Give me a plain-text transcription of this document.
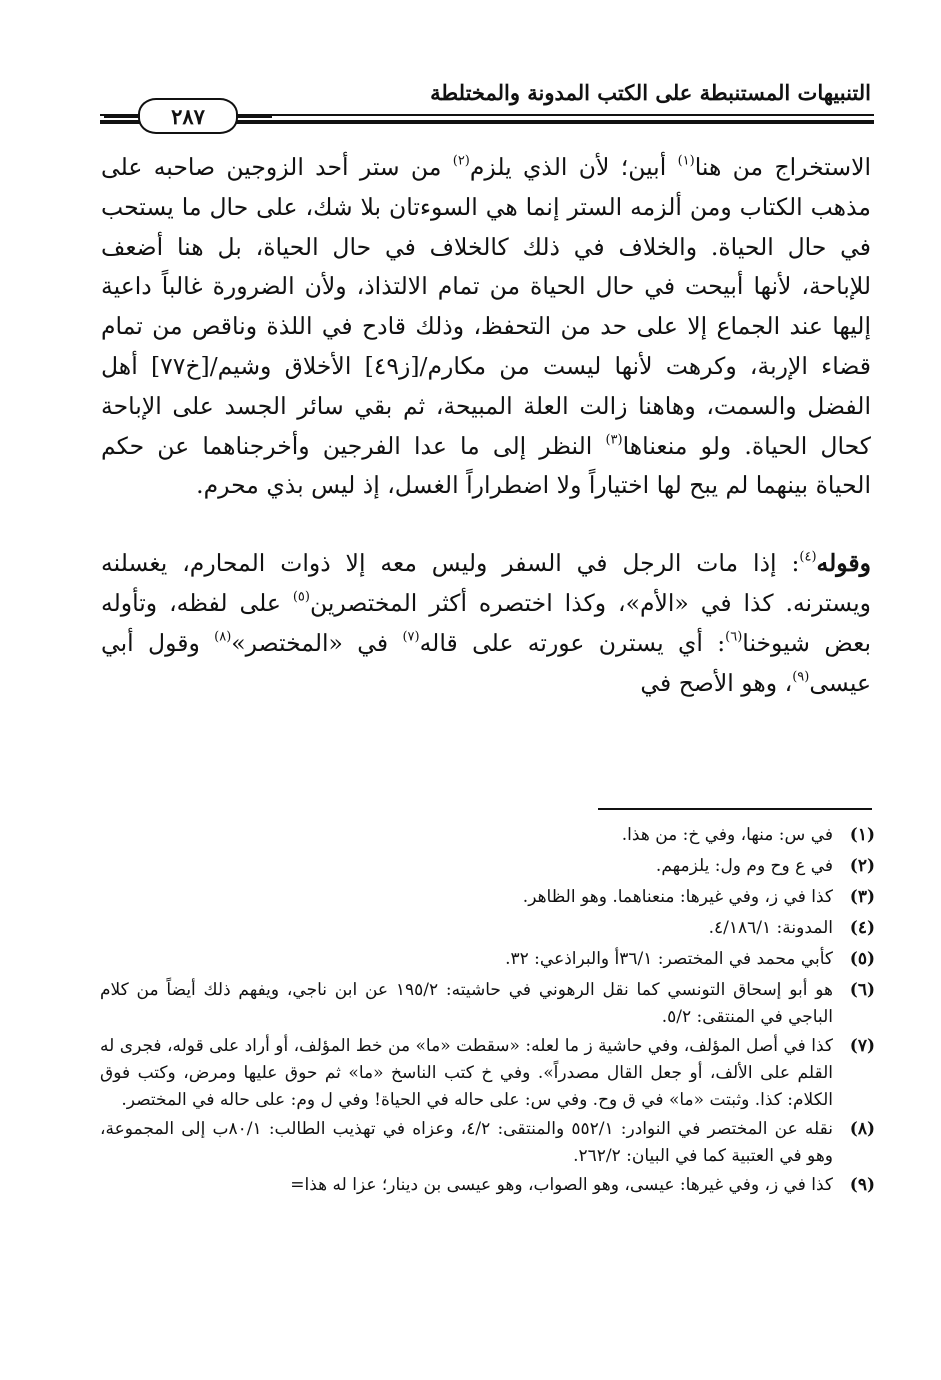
التنبيهات المستنبطة على الكتب المدونة والمختلطة
٢٨٧

الاستخراج من هنا$^{(١)}$ أبين؛ لأن الذي يلزم$^{(٢)}$ من ستر أحد الزوجين صاحبه على مذهب الكتاب ومن ألزمه الستر إنما هي السوءتان بلا شك، على حال ما يستحب في حال الحياة. والخلاف في ذلك كالخلاف في حال الحياة، بل هنا أضعف للإباحة، لأنها أبيحت في حال الحياة من تمام الالتذاذ، ولأن الضرورة غالباً داعية إليها عند الجماع إلا على حد من التحفظ، وذلك قادح في اللذة وناقص من تمام قضاء الإربة، وكرهت لأنها ليست من مكارم/[ز٤٩] الأخلاق وشيم/[خ٧٧] أهل الفضل والسمت، وهاهنا زالت العلة المبيحة، ثم بقي سائر الجسد على الإباحة كحال الحياة. ولو منعناها$^{(٣)}$ النظر إلى ما عدا الفرجين وأخرجناهما عن حكم الحياة بينهما لم يبح لها اختياراً ولا اضطراراً الغسل، إذ ليس بذي محرم.

وقوله$^{(٤)}$: إذا مات الرجل في السفر وليس معه إلا ذوات المحارم، يغسلنه ويسترنه. كذا في «الأم»، وكذا اختصره أكثر المختصرين$^{(٥)}$ على لفظه، وتأوله بعض شيوخنا$^{(٦)}$: أي يسترن عورته على قاله$^{(٧)}$ في «المختصر»$^{(٨)}$ وقول أبي عيسى$^{(٩)}$، وهو الأصح في

(١)
في س: منها، وفي خ: من هذا.
(٢)
في ع وح وم ول: يلزمهم.
(٣)
كذا في ز، وفي غيرها: منعناهما. وهو الظاهر.
(٤)
المدونة: ٤/١٨٦/١.
(٥)
كأبي محمد في المختصر: ٣٦/١أ والبراذعي: ٣٢.
(٦)
هو أبو إسحاق التونسي كما نقل الرهوني في حاشيته: ١٩٥/٢ عن ابن ناجي، ويفهم ذلك أيضاً من كلام الباجي في المنتقى: ٥/٢.
(٧)
كذا في أصل المؤلف، وفي حاشية ز ما لعله: «سقطت «ما» من خط المؤلف، أو أراد على قوله، فجرى له القلم على الألف، أو جعل القال مصدراً». وفي خ كتب الناسخ «ما» ثم حوق عليها ومرض، وكتب فوق الكلام: كذا. وثبتت «ما» في ق وح. وفي س: على حاله في الحياة! وفي ل وم: على حاله في المختصر.
(٨)
نقله عن المختصر في النوادر: ٥٥٢/١ والمنتقى: ٤/٢، وعزاه في تهذيب الطالب: ٨٠/١ب إلى المجموعة، وهو في العتبية كما في البيان: ٢٦٢/٢.
(٩)
كذا في ز، وفي غيرها: عيسى، وهو الصواب، وهو عيسى بن دينار؛ عزا له هذا=
